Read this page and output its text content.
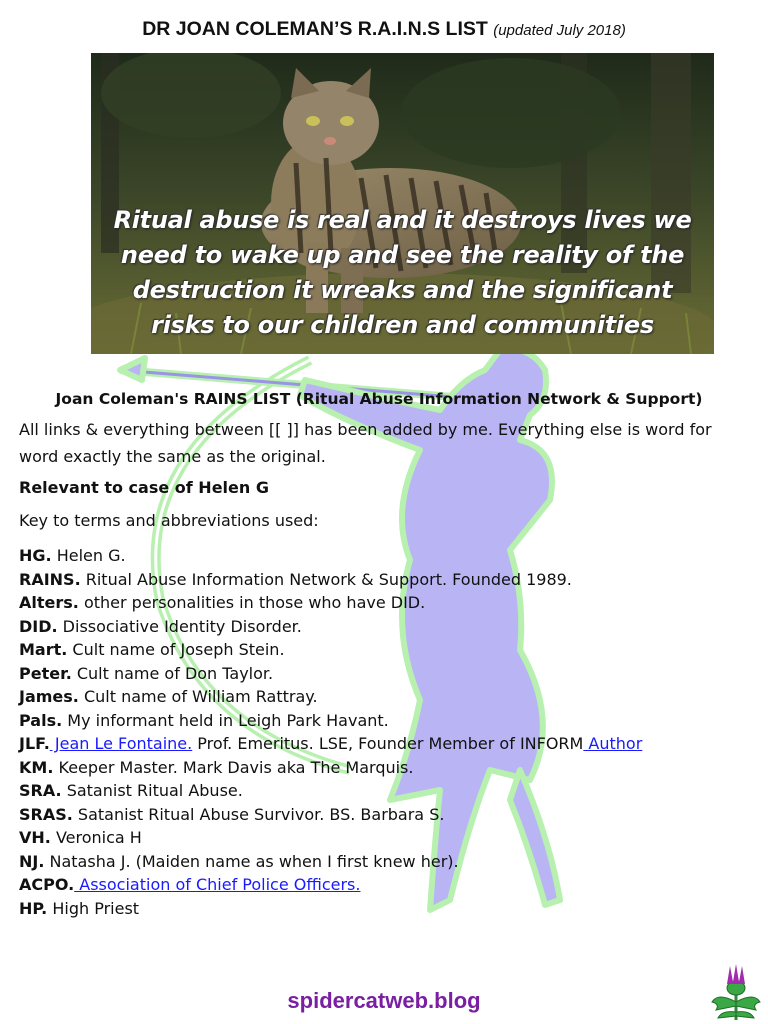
DR JOAN COLEMAN’S R.A.I.N.S LIST (updated July 2018)
Ritual abuse is real and it destroys lives we
need to wake up and see the reality of the
destruction it wreaks and the significant
risks to our children and communities
Joan Coleman's RAINS LIST (Ritual Abuse Information Network & Support)

All links & everything between [[ ]] has been added by me. Everything else is word for word exactly the same as the original.

Relevant to case of Helen G

Key to terms and abbreviations used:

HG. Helen G.
RAINS. Ritual Abuse Information Network & Support. Founded 1989.
Alters. other personalities in those who have DID.
DID. Dissociative Identity Disorder.
Mart. Cult name of Joseph Stein.
Peter. Cult name of Don Taylor.
James. Cult name of William Rattray.
Pals. My informant held in Leigh Park Havant.
JLF. Jean Le Fontaine. Prof. Emeritus. LSE, Founder Member of INFORM Author
KM. Keeper Master. Mark Davis aka The Marquis.
SRA. Satanist Ritual Abuse.
SRAS. Satanist Ritual Abuse Survivor. BS. Barbara S.
VH. Veronica H
NJ. Natasha J. (Maiden name as when I first knew her).
ACPO. Association of Chief Police Officers.
HP. High Priest
spidercatweb.blog
